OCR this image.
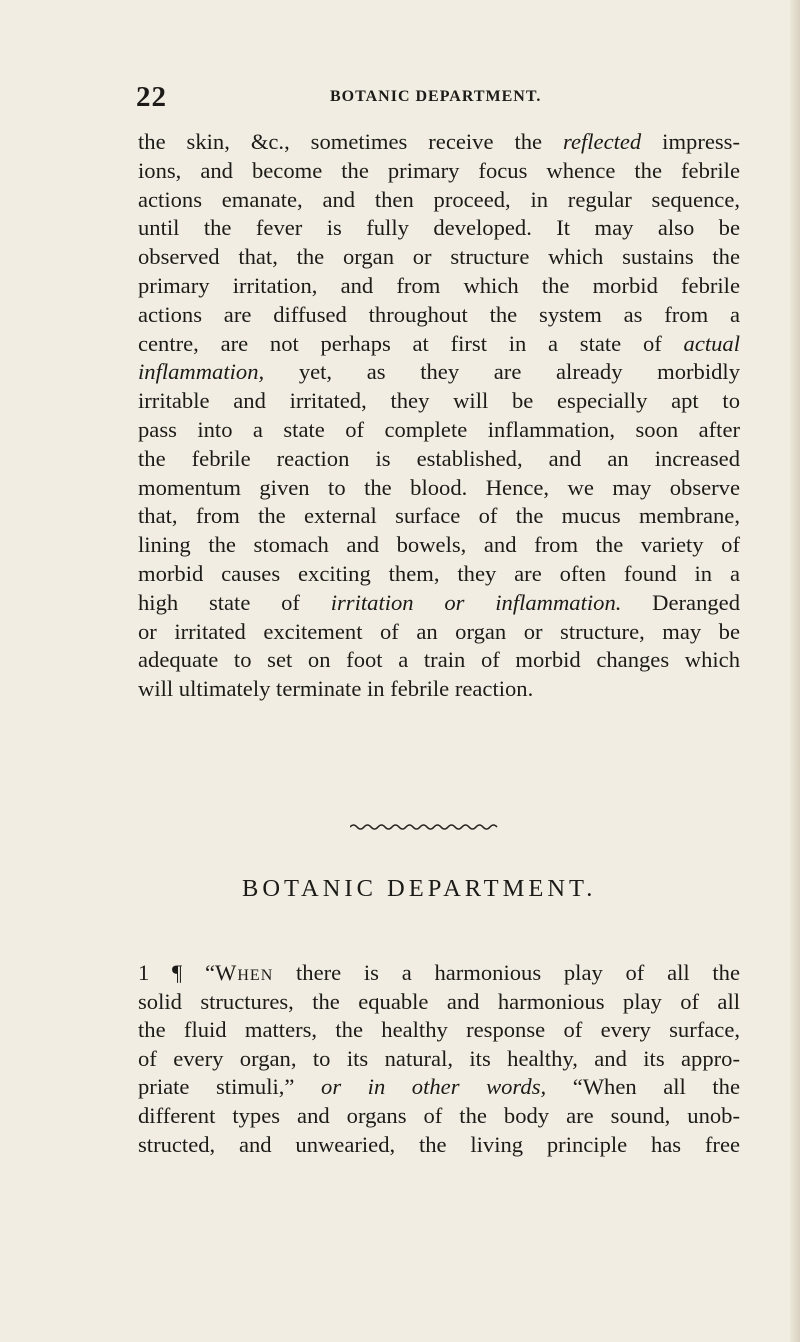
22	BOTANIC DEPARTMENT.
the skin, &c., sometimes receive the reflected impress-
ions, and become the primary focus whence the febrile
actions emanate, and then proceed, in regular sequence,
until the fever is fully developed. It may also be
observed that, the organ or structure which sustains the
primary irritation, and from which the morbid febrile
actions are diffused throughout the system as from a
centre, are not perhaps at first in a state of actual
inflammation, yet, as they are already morbidly
irritable and irritated, they will be especially apt to
pass into a state of complete inflammation, soon after
the febrile reaction is established, and an increased
momentum given to the blood. Hence, we may observe
that, from the external surface of the mucus membrane,
lining the stomach and bowels, and from the variety of
morbid causes exciting them, they are often found in a
high state of irritation or inflammation. Deranged
or irritated excitement of an organ or structure, may be
adequate to set on foot a train of morbid changes which
will ultimately terminate in febrile reaction.
BOTANIC DEPARTMENT.
1 ¶ “When there is a harmonious play of all the
solid structures, the equable and harmonious play of all
the fluid matters, the healthy response of every surface,
of every organ, to its natural, its healthy, and its appro-
priate stimuli,” or in other words, “When all the
different types and organs of the body are sound, unob-
structed, and unwearied, the living principle has free
